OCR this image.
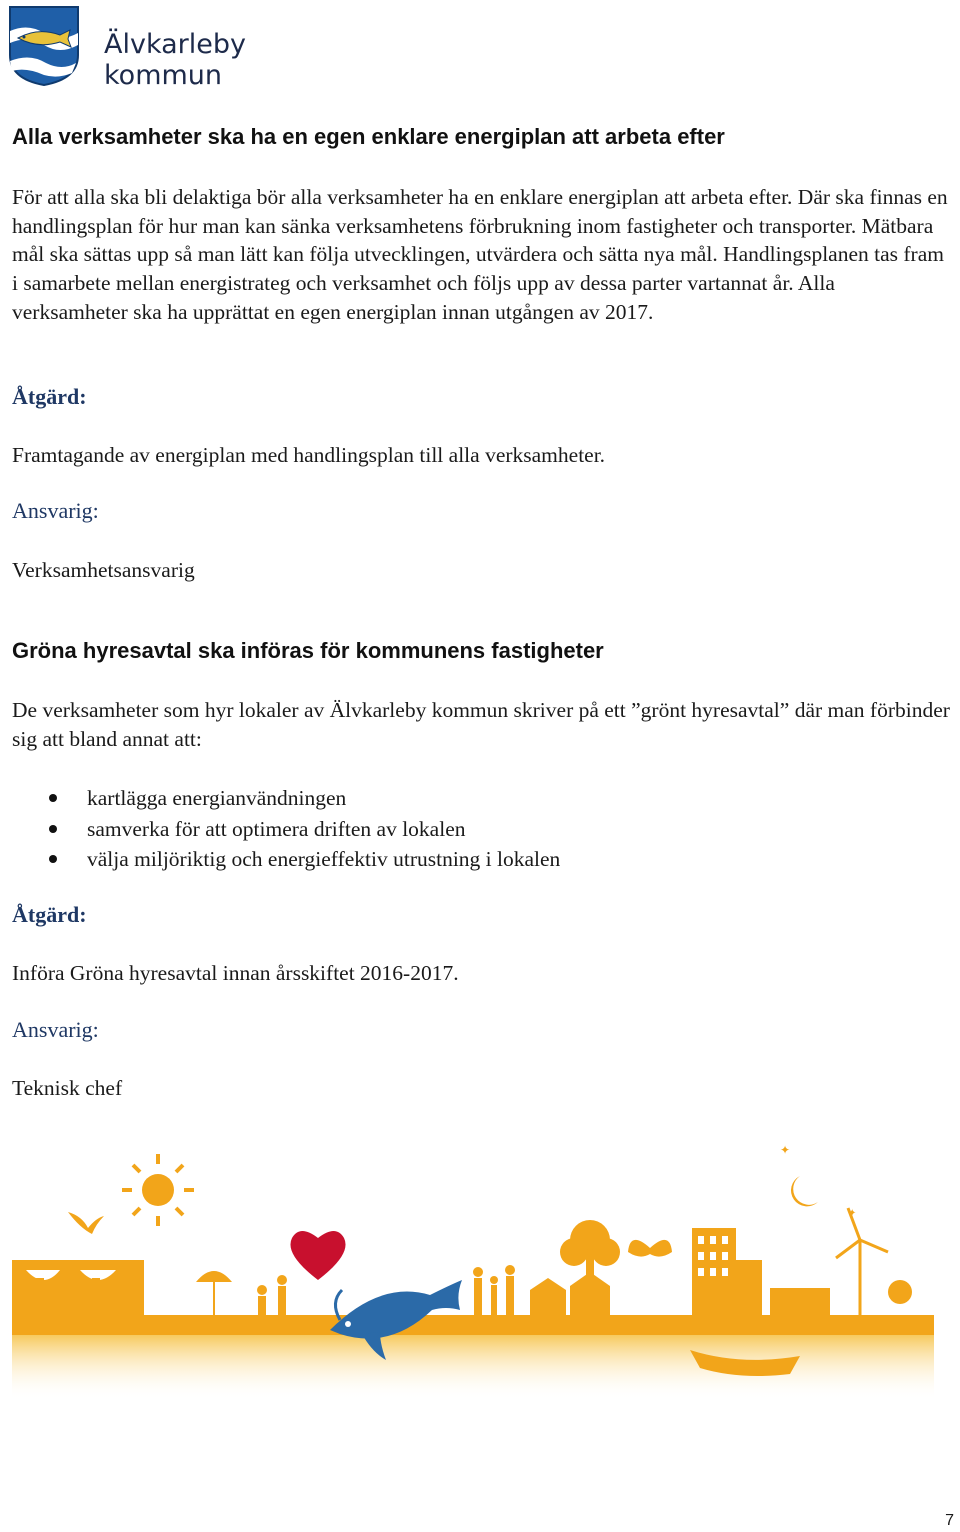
Älvkarleby
kommun
Alla verksamheter ska ha en egen enklare energiplan att arbeta efter

För att alla ska bli delaktiga bör alla verksamheter ha en enklare energiplan att arbeta efter. Där ska finnas en handlingsplan för hur man kan sänka verksamhetens förbrukning inom fastigheter och transporter. Mätbara mål ska sättas upp så man lätt kan följa utvecklingen, utvärdera och sätta nya mål. Handlingsplanen tas fram i samarbete mellan energistrateg och verksamhet och följs upp av dessa parter vartannat år. Alla verksamheter ska ha upprättat en egen energiplan innan utgången av 2017.

Åtgärd:

Framtagande av energiplan med handlingsplan till alla verksamheter.

Ansvarig:

Verksamhetsansvarig

Gröna hyresavtal ska införas för kommunens fastigheter

De verksamheter som hyr lokaler av Älvkarleby kommun skriver på ett ”grönt hyresavtal” där man förbinder sig att bland annat att:

kartlägga energianvändningen
samverka för att optimera driften av lokalen
välja miljöriktig och energieffektiv utrustning i lokalen

Åtgärd:

Införa Gröna hyresavtal innan årsskiftet 2016-2017.

Ansvarig:

Teknisk chef

✦
✦
7
